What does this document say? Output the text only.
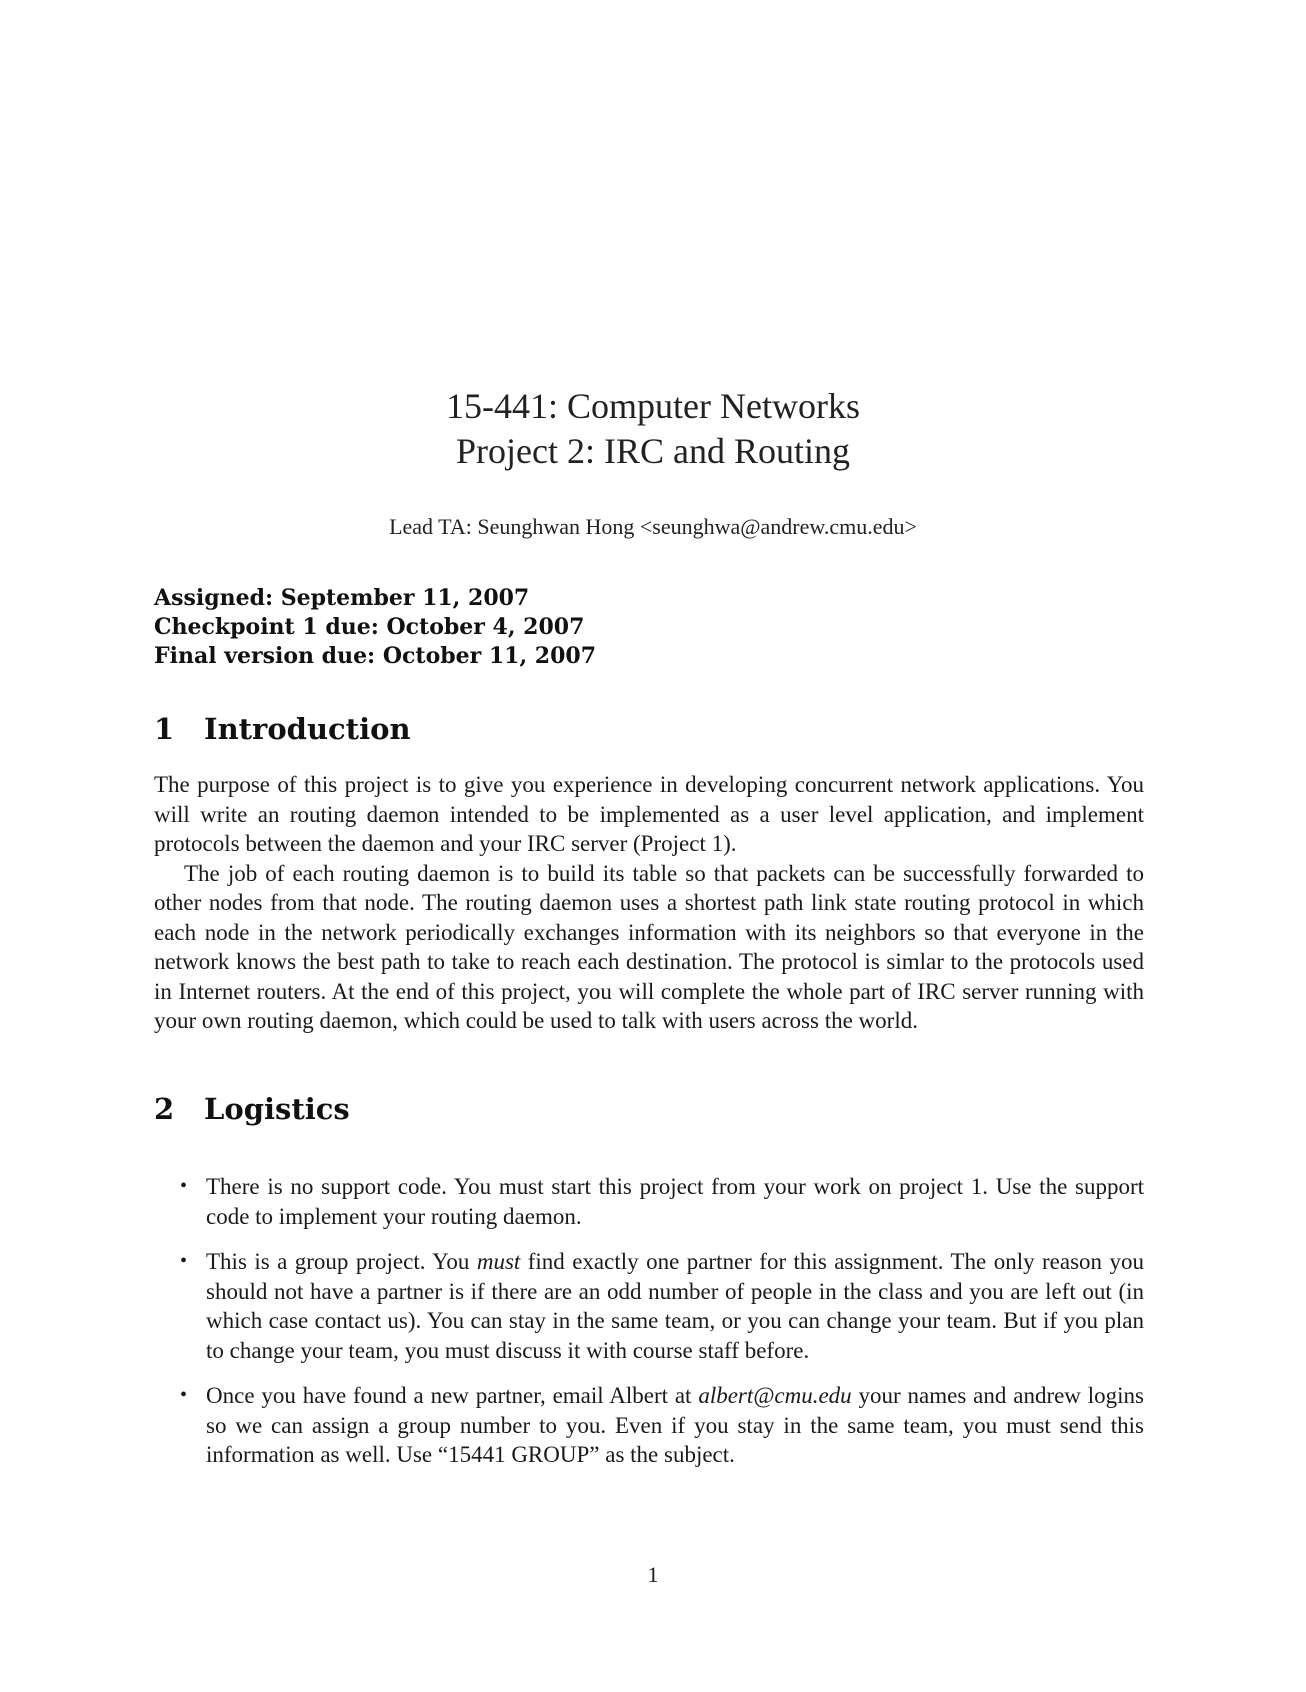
15-441: Computer Networks
Project 2: IRC and Routing
Lead TA: Seunghwan Hong <seunghwa@andrew.cmu.edu>
Assigned: September 11, 2007
Checkpoint 1 due: October 4, 2007
Final version due: October 11, 2007
1 Introduction

The purpose of this project is to give you experience in developing concurrent network applications. You will write an routing daemon intended to be implemented as a user level application, and implement protocols between the daemon and your IRC server (Project 1).

The job of each routing daemon is to build its table so that packets can be successfully forwarded to other nodes from that node. The routing daemon uses a shortest path link state routing protocol in which each node in the network periodically exchanges information with its neighbors so that everyone in the network knows the best path to take to reach each destination. The protocol is simlar to the protocols used in Internet routers. At the end of this project, you will complete the whole part of IRC server running with your own routing daemon, which could be used to talk with users across the world.

2 Logistics
• There is no support code. You must start this project from your work on project 1. Use the support code to implement your routing daemon.
• This is a group project. You must find exactly one partner for this assignment. The only reason you should not have a partner is if there are an odd number of people in the class and you are left out (in which case contact us). You can stay in the same team, or you can change your team. But if you plan to change your team, you must discuss it with course staff before.
• Once you have found a new partner, email Albert at albert@cmu.edu your names and andrew logins so we can assign a group number to you. Even if you stay in the same team, you must send this information as well. Use “15441 GROUP” as the subject.
1
